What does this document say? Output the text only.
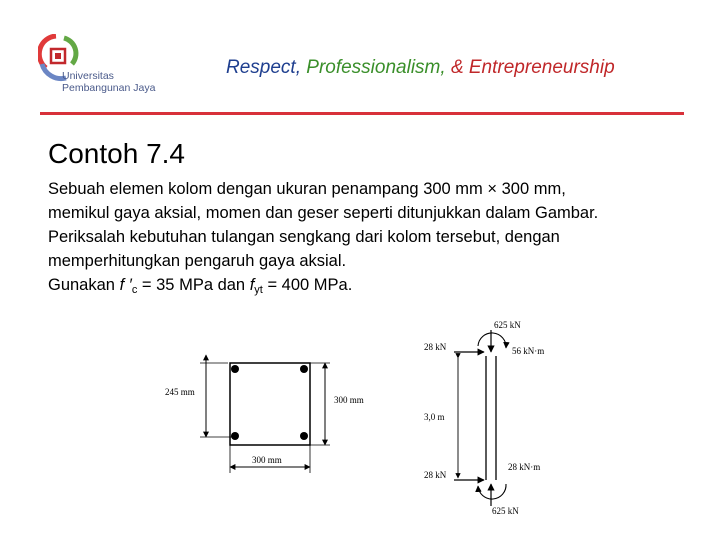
Universitas
Pembangunan Jaya
Respect, Professionalism, & Entrepreneurship
Contoh 7.4

Sebuah elemen kolom dengan ukuran penampang 300 mm × 300 mm,

memikul gaya aksial, momen dan geser seperti ditunjukkan dalam Gambar.

Periksalah kebutuhan tulangan sengkang dari kolom tersebut, dengan

memperhitungkan pengaruh gaya aksial.

Gunakan f $'_c = 35$ MPa dan $f_{yt} = 400$ MPa.

245 mm
300 mm
300 mm
625 kN
28 kN	56 kN·m
3,0 m
28 kN
28 kN·m
625 kN
